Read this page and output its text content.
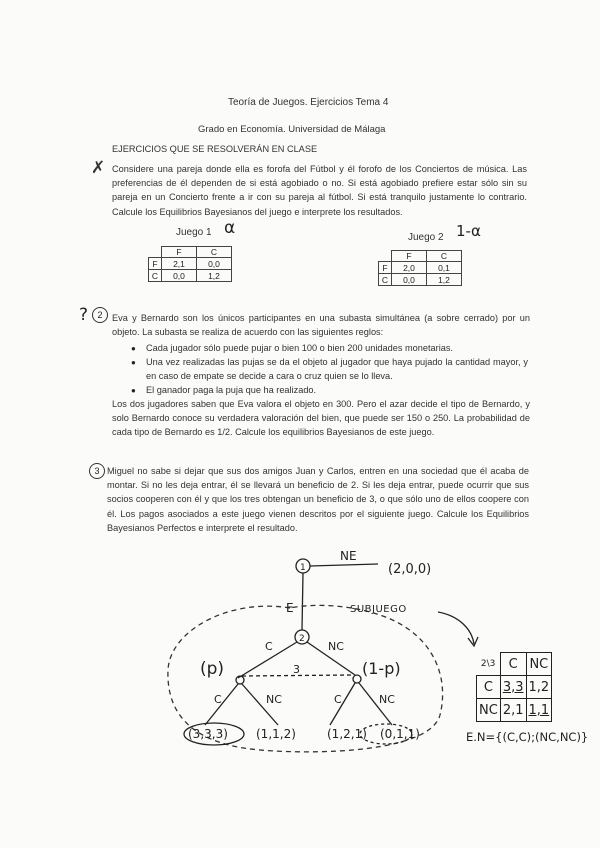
Teoría de Juegos. Ejercicios Tema 4
Grado en Economía. Universidad de Málaga
EJERCICIOS QUE SE RESOLVERÁN EN CLASE
✗ Considere una pareja donde ella es forofa del Fútbol y él forofo de los Conciertos de música. Las preferencias de él dependen de si está agobiado o no. Si está agobiado prefiere estar sólo sin su pareja en un Concierto frente a ir con su pareja al fútbol. Si está tranquilo justamente lo contrario. Calcule los Equilibrios Bayesianos del juego e interprete los resultados.
Juego 1 α
	F	C
F	2,1	0,0
C	0,0	1,2
Juego 2 1-α
	F	C
F	2,0	0,1
C	0,0	1,2
?	2	Eva y Bernardo son los únicos participantes en una subasta simultánea (a sobre cerrado) por un objeto. La subasta se realiza de acuerdo con las siguientes reglos:
● Cada jugador sólo puede pujar o bien 100 o bien 200 unidades monetarias.
● Una vez realizadas las pujas se da el objeto al jugador que haya pujado la cantidad mayor, y en caso de empate se decide a cara o cruz quien se lo lleva.
● El ganador paga la puja que ha realizado.
Los dos jugadores saben que Eva valora el objeto en 300. Pero el azar decide el tipo de Bernardo, y solo Bernardo conoce su verdadera valoración del bien, que puede ser 150 o 250. La probabilidad de cada tipo de Bernardo es 1/2. Calcule los equilibrios Bayesianos de este juego.
3 Miguel no sabe si dejar que sus dos amigos Juan y Carlos, entren en una sociedad que él acaba de montar. Si no les deja entrar, él se llevará un beneficio de 2. Si les deja entrar, puede ocurrir que sus socios cooperen con él y que los tres obtengan un beneficio de 3, o que sólo uno de ellos coopere con él. Los pagos asociados a este juego vienen descritos por el siguiente juego. Calcule los Equilibrios Bayesianos Perfectos e interprete el resultado.
1
NE
(2,0,0)
E
2
C	NC
3
(p)	(1-p)
C	NC	C	NC
(3,3,3) (1,1,2)	(1,2,1) (0,1,1)
SUBJUEGO
2\3	C	NC
C	3,3	1,2
NC	2,1	1,1
E.N={(C,C);(NC,NC)}
